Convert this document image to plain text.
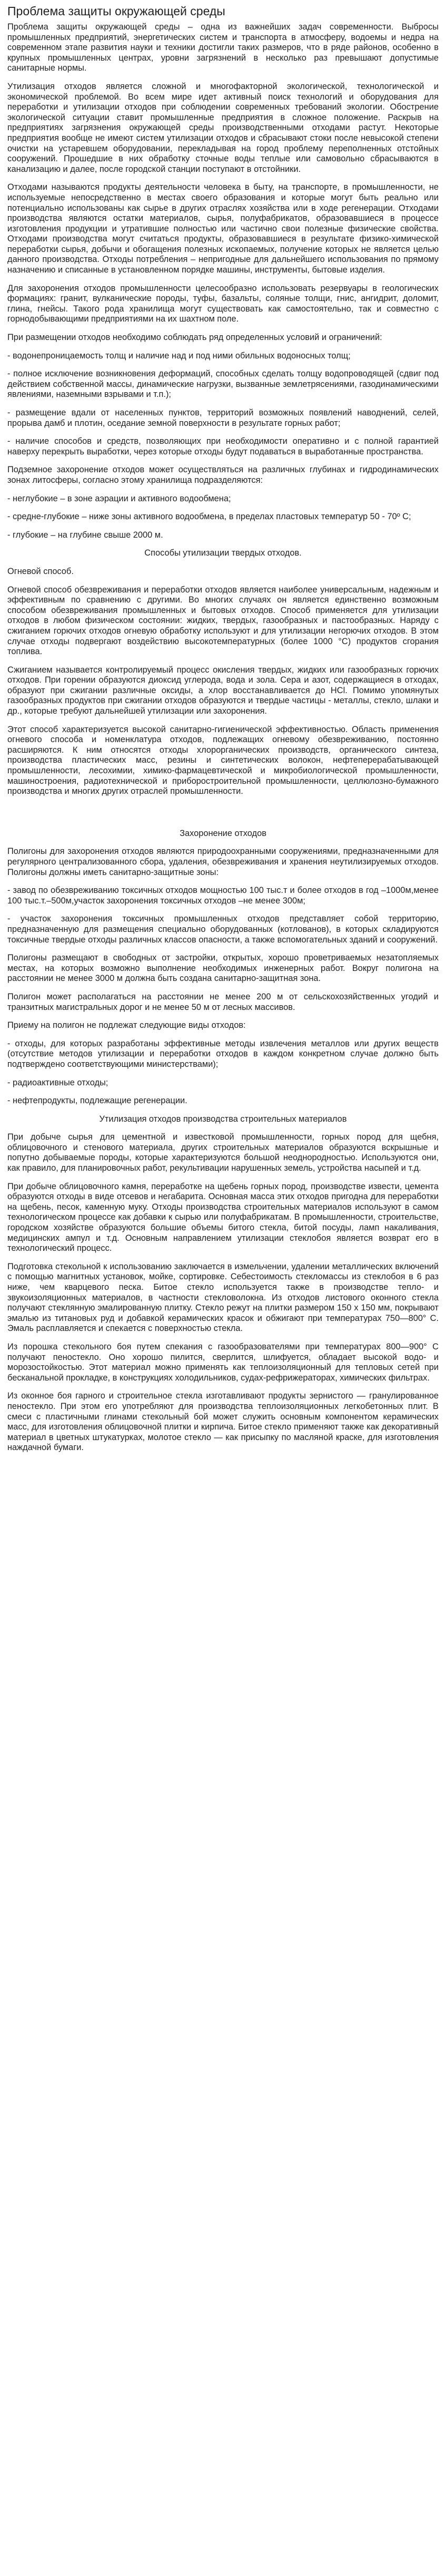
Проблема защиты окружающей среды

Проблема защиты окружающей среды – одна из важнейших задач современности. Выбросы промышленных предприятий, энергетических систем и транспорта в атмосферу, водоемы и недра на современном этапе развития науки и техники достигли таких размеров, что в ряде районов, особенно в крупных промышленных центрах, уровни загрязнений в несколько раз превышают допустимые санитарные нормы.

Утилизация отходов является сложной и многофакторной экологической, технологической и экономической проблемой. Во всем мире идет активный поиск технологий и оборудования для переработки и утилизации отходов при соблюдении современных требований экологии. Обострение экологической ситуации ставит промышленные предприятия в сложное положение. Раскрыв на предприятиях загрязнения окружающей среды производственными отходами растут. Некоторые предприятия вообще не имеют систем утилизации отходов и сбрасывают стоки после невысокой степени очистки на устаревшем оборудовании, перекладывая на город проблему переполненных отстойных сооружений. Прошедшие в них обработку сточные воды теплые или самовольно сбрасываются в канализацию и далее, после городской станции поступают в отстойники.

Отходами называются продукты деятельности человека в быту, на транспорте, в промышленности, не используемые непосредственно в местах своего образования и которые могут быть реально или потенциально использованы как сырье в других отраслях хозяйства или в ходе регенерации. Отходами производства являются остатки материалов, сырья, полуфабрикатов, образовавшиеся в процессе изготовления продукции и утратившие полностью или частично свои полезные физические свойства. Отходами производства могут считаться продукты, образовавшиеся в результате физико-химической переработки сырья, добычи и обогащения полезных ископаемых, получение которых не является целью данного производства. Отходы потребления – непригодные для дальнейшего использования по прямому назначению и списанные в установленном порядке машины, инструменты, бытовые изделия.

Для захоронения отходов промышленности целесообразно использовать резервуары в геологических формациях: гранит, вулканические породы, туфы, базальты, соляные толщи, гнис, ангидрит, доломит, глина, гнейсы. Такого рода хранилища могут существовать как самостоятельно, так и совместно с горнодобывающими предприятиями на их шахтном поле.

При размещении отходов необходимо соблюдать ряд определенных условий и ограничений:

- водонепроницаемость толщ и наличие над и под ними обильных водоносных толщ;

- полное исключение возникновения деформаций, способных сделать толщу водопроводящей (сдвиг под действием собственной массы, динамические нагрузки, вызванные землетрясениями, газодинамическими явлениями, наземными взрывами и т.п.);

- размещение вдали от населенных пунктов, территорий возможных появлений наводнений, селей, прорыва дамб и плотин, оседание земной поверхности в результате горных работ;

- наличие способов и средств, позволяющих при необходимости оперативно и с полной гарантией наверху перекрыть выработки, через которые отходы будут подаваться в выработанные пространства.

Подземное захоронение отходов может осуществляться на различных глубинах и гидродинамических зонах литосферы, согласно этому хранилища подразделяются:

- неглубокие – в зоне аэрации и активного водообмена;

- средне-глубокие – ниже зоны активного водообмена, в пределах пластовых температур 50 - 70º С;

- глубокие – на глубине свыше 2000 м.

Способы утилизации твердых отходов.

Огневой способ.

Огневой способ обезвреживания и переработки отходов является наиболее универсальным, надежным и эффективным по сравнению с другими. Во многих случаях он является единственно возможным способом обезвреживания промышленных и бытовых отходов. Способ применяется для утилизации отходов в любом физическом состоянии: жидких, твердых, газообразных и пастообразных. Наряду с сжиганием горючих отходов огневую обработку используют и для утилизации негорючих отходов. В этом случае отходы подвергают воздействию высокотемпературных (более 1000 °С) продуктов сгорания топлива.

Сжиганием называется контролируемый процесс окисления твердых, жидких или газообразных горючих отходов. При горении образуются диоксид углерода, вода и зола. Сера и азот, содержащиеся в отходах, образуют при сжигании различные оксиды, а хлор восстанавливается до HCl. Помимо упомянутых газообразных продуктов при сжигании отходов образуются и твердые частицы - металлы, стекло, шлаки и др., которые требуют дальнейшей утилизации или захоронения.

Этот способ характеризуется высокой санитарно-гигиенической эффективностью. Область применения огневого способа и номенклатура отходов, подлежащих огневому обезвреживанию, постоянно расширяются. К ним относятся отходы хлорорганических производств, органического синтеза, производства пластических масс, резины и синтетических волокон, нефтеперерабатывающей промышленности, лесохимии, химико-фармацевтической и микробиологической промышленности, машиностроения, радиотехнической и приборостроительной промышленности, целлюлозно-бумажного производства и многих других отраслей промышленности.

Захоронение отходов

Полигоны для захоронения отходов являются природоохранными сооружениями, предназначенными для регулярного централизованного сбора, удаления, обезвреживания и хранения неутилизируемых отходов. Полигоны должны иметь санитарно-защитные зоны:

- завод по обезвреживанию токсичных отходов мощностью 100 тыс.т и более отходов в год –1000м,менее 100 тыс.т.–500м,участок захоронения токсичных отходов –не менее 300м;

- участок захоронения токсичных промышленных отходов представляет собой территорию, предназначенную для размещения специально оборудованных (котлованов), в которых складируются токсичные твердые отходы различных классов опасности, а также вспомогательных зданий и сооружений.

Полигоны размещают в свободных от застройки, открытых, хорошо проветриваемых незатопляемых местах, на которых возможно выполнение необходимых инженерных работ. Вокруг полигона на расстоянии не менее 3000 м должна быть создана санитарно-защитная зона.

Полигон может располагаться на расстоянии не менее 200 м от сельскохозяйственных угодий и транзитных магистральных дорог и не менее 50 м от лесных массивов.

Приему на полигон не подлежат следующие виды отходов:

- отходы, для которых разработаны эффективные методы извлечения металлов или других веществ (отсутствие методов утилизации и переработки отходов в каждом конкретном случае должно быть подтверждено соответствующими министерствами);

- радиоактивные отходы;

- нефтепродукты, подлежащие регенерации.

Утилизация отходов производства строительных материалов

При добыче сырья для цементной и известковой промышленности, горных пород для щебня, облицовочного и стенового материала, других строительных материалов образуются вскрышные и попутно добываемые породы, которые характеризуются большой неоднородностью. Используются они, как правило, для планировочных работ, рекультивации нарушенных земель, устройства насыпей и т.д.

При добыче облицовочного камня, переработке на щебень горных пород, производстве извести, цемента образуются отходы в виде отсевов и негабарита. Основная масса этих отходов пригодна для переработки на щебень, песок, каменную муку. Отходы производства строительных материалов используют в самом технологическом процессе как добавки к сырью или полуфабрикатам. В промышленности, строительстве, городском хозяйстве образуются большие объемы битого стекла, битой посуды, ламп накаливания, медицинских ампул и т.д. Основным направлением утилизации стеклобоя является возврат его в технологический процесс.

Подготовка стекольной к использованию заключается в измельчении, удалении металлических включений с помощью магнитных установок, мойке, сортировке. Себестоимость стекломассы из стеклобоя в 6 раз ниже, чем кварцевого песка. Битое стекло используется также в производстве тепло- и звукоизоляционных материалов, в частности стекловолокна. Из отходов листового оконного стекла получают стеклянную эмалированную плитку. Стекло режут на плитки размером 150 х 150 мм, покрывают эмалью из титановых руд и добавкой керамических красок и обжигают при температурах 750—800° С. Эмаль расплавляется и спекается с поверхностью стекла.

Из порошка стекольного боя путем спекания с газообразователями при температурах 800—900° С получают пеностекло. Оно хорошо пилится, сверлится, шлифуется, обладает высокой водо- и морозостойкостью. Этот материал можно применять как теплоизоляционный для тепловых сетей при бесканальной прокладке, в конструкциях холодильников, судах-рефрижераторах, химических фильтрах.

Из оконное боя гарного и строительное стекла изготавливают продукты зернистого — гранулированное пеностекло. При этом его употребляют для производства теплоизоляционных легкобетонных плит. В смеси с пластичными глинами стекольный бой может служить основным компонентом керамических масс, для изготовления облицовочной плитки и кирпича. Битое стекло применяют также как декоративный материал в цветных штукатурках, молотое стекло — как присыпку по масляной краске, для изготовления наждачной бумаги.
